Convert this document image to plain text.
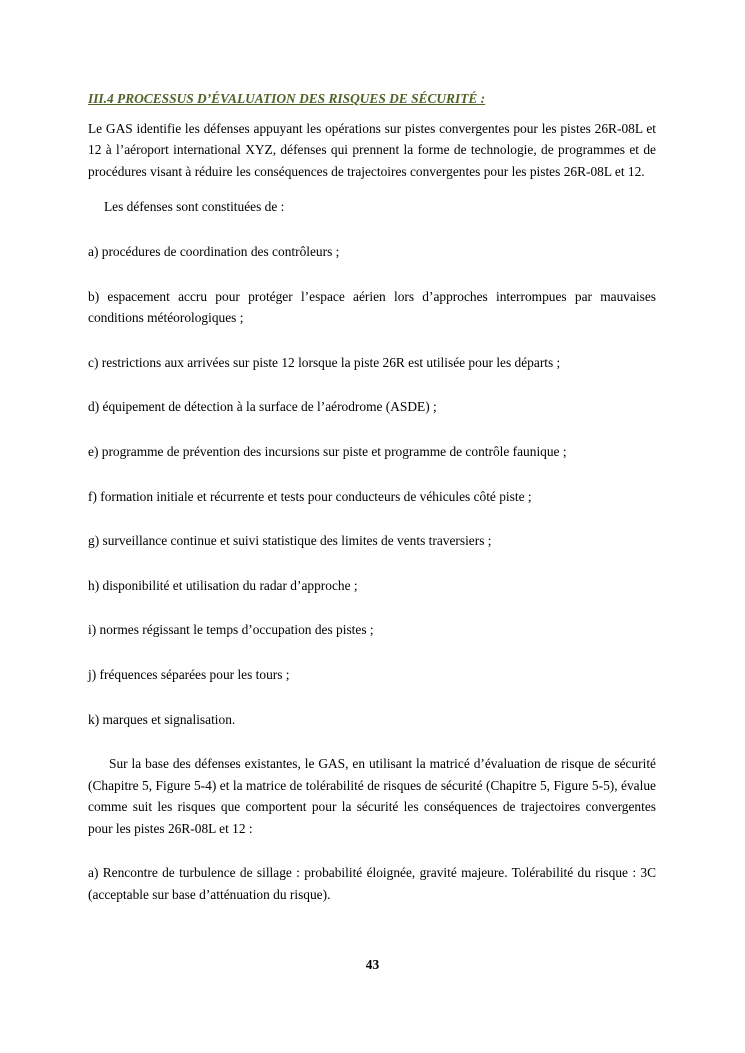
III.4 PROCESSUS D’ÉVALUATION DES RISQUES DE SÉCURITÉ :

Le GAS identifie les défenses appuyant les opérations sur pistes convergentes pour les pistes 26R-08L et 12 à l’aéroport international XYZ, défenses qui prennent la forme de technologie, de programmes et de procédures visant à réduire les conséquences de trajectoires convergentes pour les pistes 26R-08L et 12.

Les défenses sont constituées de :

a) procédures de coordination des contrôleurs ;

b) espacement accru pour protéger l’espace aérien lors d’approches interrompues par mauvaises conditions météorologiques ;

c) restrictions aux arrivées sur piste 12 lorsque la piste 26R est utilisée pour les départs ;

d) équipement de détection à la surface de l’aérodrome (ASDE) ;

e) programme de prévention des incursions sur piste et programme de contrôle faunique ;

f) formation initiale et récurrente et tests pour conducteurs de véhicules côté piste ;

g) surveillance continue et suivi statistique des limites de vents traversiers ;

h) disponibilité et utilisation du radar d’approche ;

i) normes régissant le temps d’occupation des pistes ;

j) fréquences séparées pour les tours ;

k) marques et signalisation.

Sur la base des défenses existantes, le GAS, en utilisant la matricé d’évaluation de risque de sécurité (Chapitre 5, Figure 5-4) et la matrice de tolérabilité de risques de sécurité (Chapitre 5, Figure 5-5), évalue comme suit les risques que comportent pour la sécurité les conséquences de trajectoires convergentes pour les pistes 26R-08L et 12 :

a) Rencontre de turbulence de sillage : probabilité éloignée, gravité majeure. Tolérabilité du risque : 3C (acceptable sur base d’atténuation du risque).

43
